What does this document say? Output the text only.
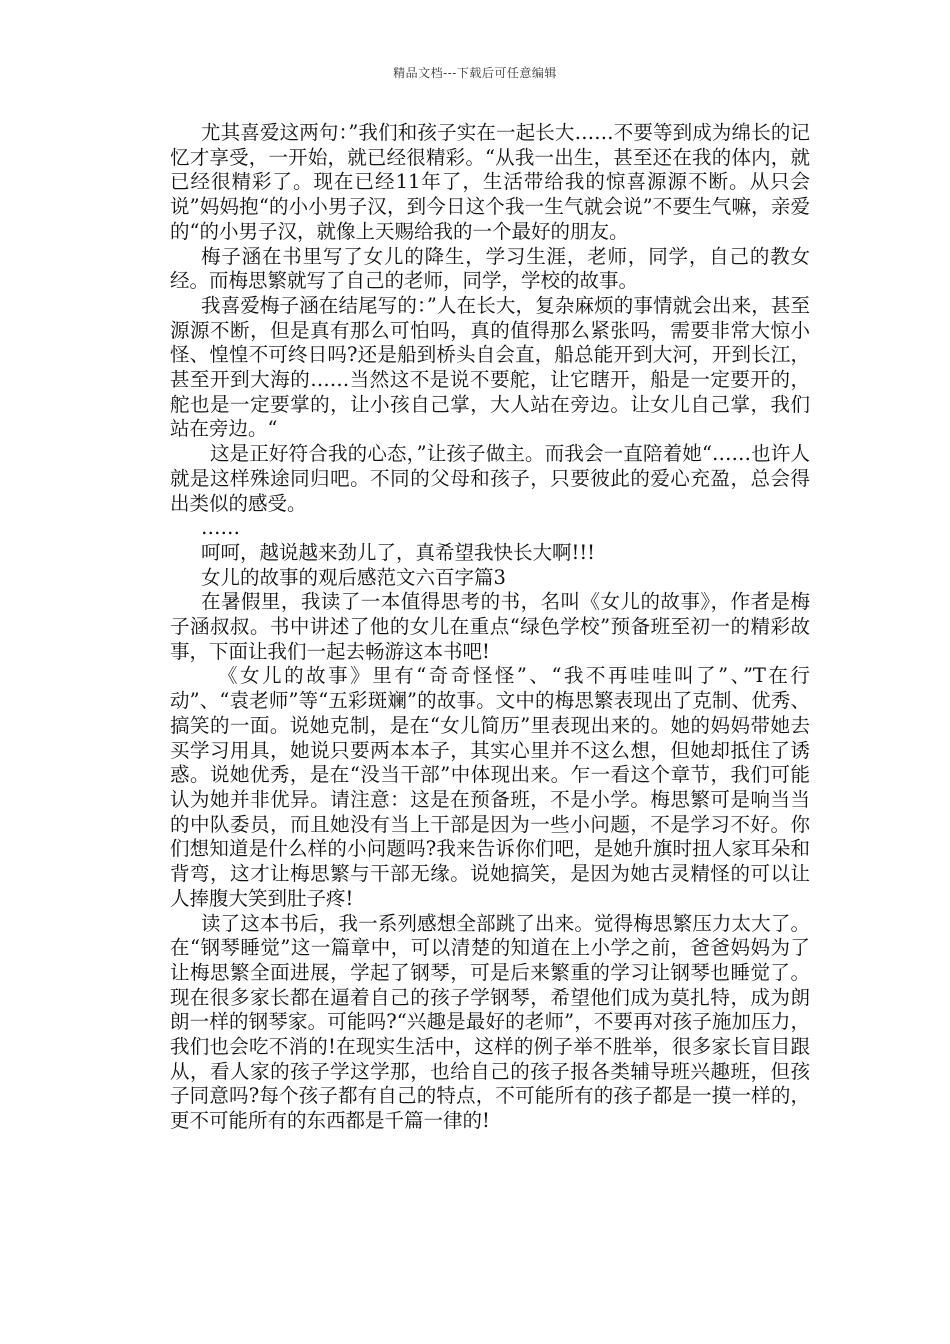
精品文档---下载后可任意编辑

尤其喜爱这两句：”我们和孩子实在一起长大……不要等到成为绵长的记忆才享受，一开始，就已经很精彩。“从我一出生，甚至还在我的体内，就已经很精彩了。现在已经11年了，生活带给我的惊喜源源不断。从只会说”妈妈抱“的小小男子汉，到今日这个我一生气就会说”不要生气嘛，亲爱的“的小男子汉，就像上天赐给我的一个最好的朋友。

梅子涵在书里写了女儿的降生，学习生涯，老师，同学，自己的教女经。而梅思繁就写了自己的老师，同学，学校的故事。

我喜爱梅子涵在结尾写的：”人在长大，复杂麻烦的事情就会出来，甚至源源不断，但是真有那么可怕吗，真的值得那么紧张吗，需要非常大惊小怪、惶惶不可终日吗?还是船到桥头自会直，船总能开到大河，开到长江，甚至开到大海的……当然这不是说不要舵，让它瞎开，船是一定要开的，舵也是一定要掌的，让小孩自己掌，大人站在旁边。让女儿自己掌，我们站在旁边。“

这是正好符合我的心态，”让孩子做主。而我会一直陪着她“……也许人就是这样殊途同归吧。不同的父母和孩子，只要彼此的爱心充盈，总会得出类似的感受。

……

呵呵，越说越来劲儿了，真希望我快长大啊!!!

女儿的故事的观后感范文六百字篇3

在暑假里，我读了一本值得思考的书，名叫《女儿的故事》，作者是梅子涵叔叔。书中讲述了他的女儿在重点“绿色学校”预备班至初一的精彩故事，下面让我们一起去畅游这本书吧!

《女儿的故事》里有“奇奇怪怪”、“我不再哇哇叫了”、”T在行动”、“袁老师”等“五彩斑斓”的故事。文中的梅思繁表现出了克制、优秀、搞笑的一面。说她克制，是在“女儿简历”里表现出来的。她的妈妈带她去买学习用具，她说只要两本本子，其实心里并不这么想，但她却抵住了诱惑。说她优秀，是在“没当干部”中体现出来。乍一看这个章节，我们可能认为她并非优异。请注意：这是在预备班，不是小学。梅思繁可是响当当的中队委员，而且她没有当上干部是因为一些小问题，不是学习不好。你们想知道是什么样的小问题吗?我来告诉你们吧，是她升旗时扭人家耳朵和背弯，这才让梅思繁与干部无缘。说她搞笑，是因为她古灵精怪的可以让人捧腹大笑到肚子疼!

读了这本书后，我一系列感想全部跳了出来。觉得梅思繁压力太大了。在“钢琴睡觉”这一篇章中，可以清楚的知道在上小学之前，爸爸妈妈为了让梅思繁全面进展，学起了钢琴，可是后来繁重的学习让钢琴也睡觉了。现在很多家长都在逼着自己的孩子学钢琴，希望他们成为莫扎特，成为朗朗一样的钢琴家。可能吗?“兴趣是最好的老师”，不要再对孩子施加压力，我们也会吃不消的!在现实生活中，这样的例子举不胜举，很多家长盲目跟从，看人家的孩子学这学那，也给自己的孩子报各类辅导班兴趣班，但孩子同意吗?每个孩子都有自己的特点，不可能所有的孩子都是一摸一样的，更不可能所有的东西都是千篇一律的!
